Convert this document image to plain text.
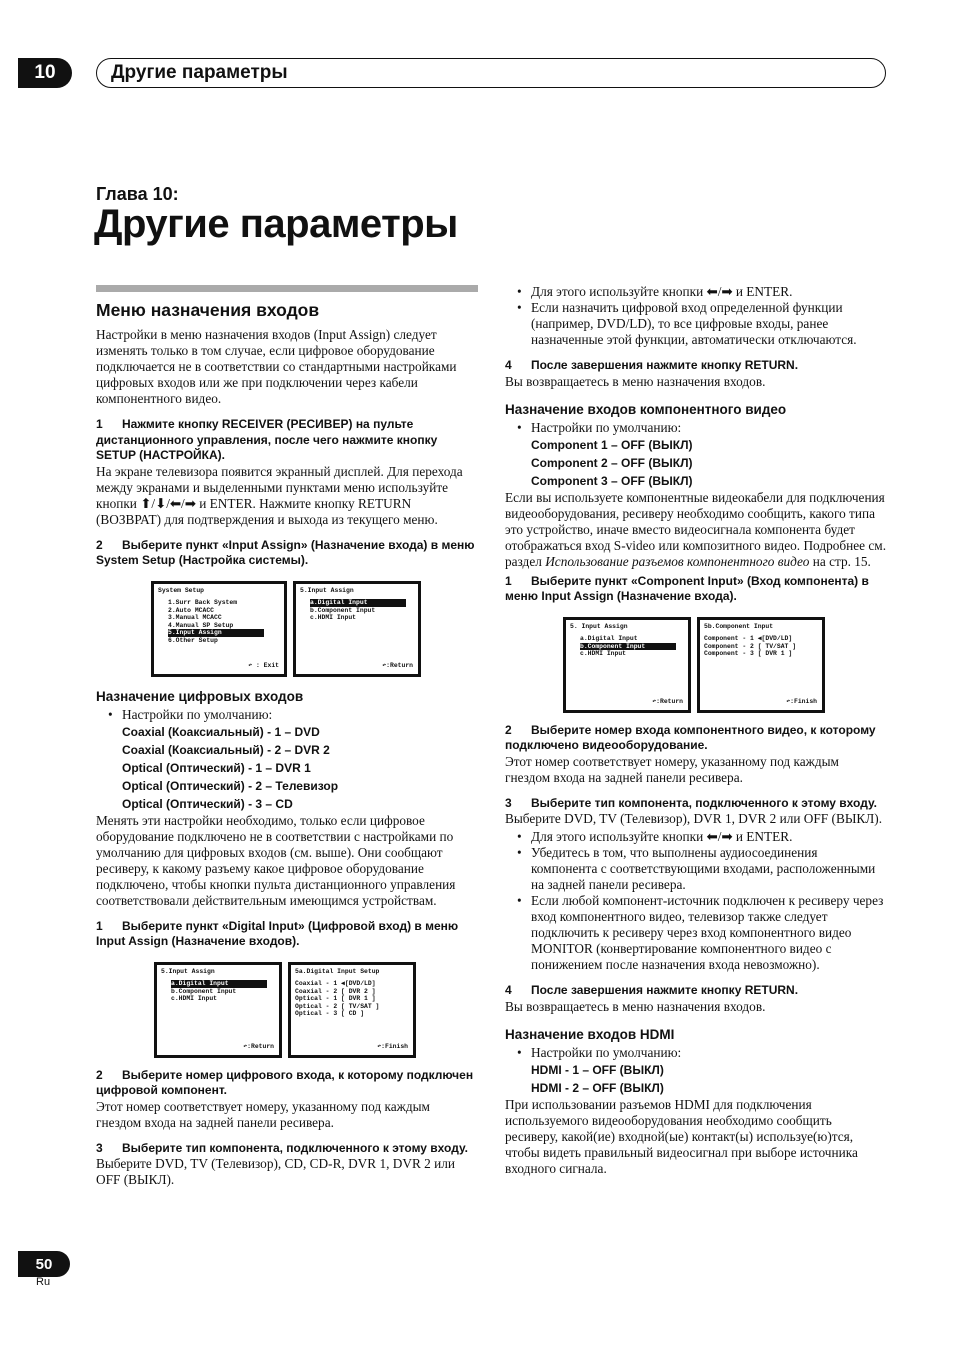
10	Другие параметры
Глава 10:
Другие параметры
Меню назначения входов

Настройки в меню назначения входов (Input Assign) следует изменять только в том случае, если цифровое оборудование подключается не в соответствии со стандартными настройками цифровых входов или же при подключении через кабели компонентного видео.

1 Нажмите кнопку RECEIVER (РЕСИВЕР) на пульте дистанционного управления, после чего нажмите кнопку SETUP (НАСТРОЙКА).

На экране телевизора появится экранный дисплей. Для перехода между экранами и выделенными пунктами меню используйте кнопки ⬆/⬇/⬅/➡ и ENTER. Нажмите кнопку RETURN (ВОЗВРАТ) для подтверждения и выхода из текущего меню.

2 Выберите пункт «Input Assign» (Назначение входа) в меню System Setup (Настройка системы).
System Setup
1.Surr Back System
2.Auto MCACC
3.Manual MCACC
4.Manual SP Setup
5.Input Assign
6.Other Setup
↶ : Exit
5.Input Assign
a.Digital Input
b.Component Input
c.HDMI Input
↶:Return
Назначение цифровых входов
• Настройки по умолчанию:
Coaxial (Коаксиальный) - 1 – DVD
Coaxial (Коаксиальный) - 2 – DVR 2
Optical (Оптический) - 1 – DVR 1
Optical (Оптический) - 2 – Телевизор
Optical (Оптический) - 3 – CD

Менять эти настройки необходимо, только если цифровое оборудование подключено не в соответствии с настройками по умолчанию для цифровых входов (см. выше). Они сообщают ресиверу, к какому разъему какое цифровое оборудование подключено, чтобы кнопки пульта дистанционного управления соответствовали действительным имеющимся устройствам.

1 Выберите пункт «Digital Input» (Цифровой вход) в меню Input Assign (Назначение входов).
5.Input Assign
a.Digital Input
b.Component Input
c.HDMI Input
↶:Return
5a.Digital Input Setup
Coaxial - 1 ◀[DVD/LD]
Coaxial - 2 [ DVR 2 ]
Optical - 1 [ DVR 1 ]
Optical - 2 [ TV/SAT ]
Optical - 3 [ CD ]
↶:Finish
2 Выберите номер цифрового входа, к которому подключен цифровой компонент.

Этот номер соответствует номеру, указанному под каждым гнездом входа на задней панели ресивера.

3 Выберите тип компонента, подключенного к этому входу.

Выберите DVD, TV (Телевизор), CD, CD-R, DVR 1, DVR 2 или OFF (ВЫКЛ).

• Для этого используйте кнопки ⬅/➡ и ENTER.
• Если назначить цифровой вход определенной функции (например, DVD/LD), то все цифровые входы, ранее назначенные этой функции, автоматически отключаются.
4 После завершения нажмите кнопку RETURN.

Вы возвращаетесь в меню назначения входов.

Назначение входов компонентного видео
• Настройки по умолчанию:
Component 1 – OFF (ВЫКЛ)
Component 2 – OFF (ВЫКЛ)
Component 3 – OFF (ВЫКЛ)

Если вы используете компонентные видеокабели для подключения видеооборудования, ресиверу необходимо сообщить, какого типа это устройство, иначе вместо видеосигнала компонента будет отображаться вход S-video или композитного видео. Подробнее см. раздел Использование разъемов компонентного видео на стр. 15.

1 Выберите пункт «Component Input» (Вход компонента) в меню Input Assign (Назначение входа).
5. Input Assign
a.Digital Input
b.Component Input
c.HDMI Input
↶:Return
5b.Component Input
Component - 1 ◀[DVD/LD]
Component - 2 [ TV/SAT ]
Component - 3 [ DVR 1 ]
↶:Finish
2 Выберите номер входа компонентного видео, к которому подключено видеооборудование.

Этот номер соответствует номеру, указанному под каждым гнездом входа на задней панели ресивера.

3 Выберите тип компонента, подключенного к этому входу.

Выберите DVD, TV (Телевизор), DVR 1, DVR 2 или OFF (ВЫКЛ).

• Для этого используйте кнопки ⬅/➡ и ENTER.
• Убедитесь в том, что выполнены аудиосоединения компонента с соответствующими входами, расположенными на задней панели ресивера.
• Если любой компонент-источник подключен к ресиверу через вход компонентного видео, телевизор также следует подключить к ресиверу через вход компонентного видео MONITOR (конвертирование компонентного видео с понижением после назначения входа невозможно).
4 После завершения нажмите кнопку RETURN.

Вы возвращаетесь в меню назначения входов.

Назначение входов HDMI
• Настройки по умолчанию:
HDMI - 1 – OFF (ВЫКЛ)
HDMI - 2 – OFF (ВЫКЛ)

При использовании разъемов HDMI для подключения используемого видеооборудования необходимо сообщить ресиверу, какой(ие) входной(ые) контакт(ы) используе(ю)тся, чтобы видеть правильный видеосигнал при выборе источника входного сигнала.

50
Ru
